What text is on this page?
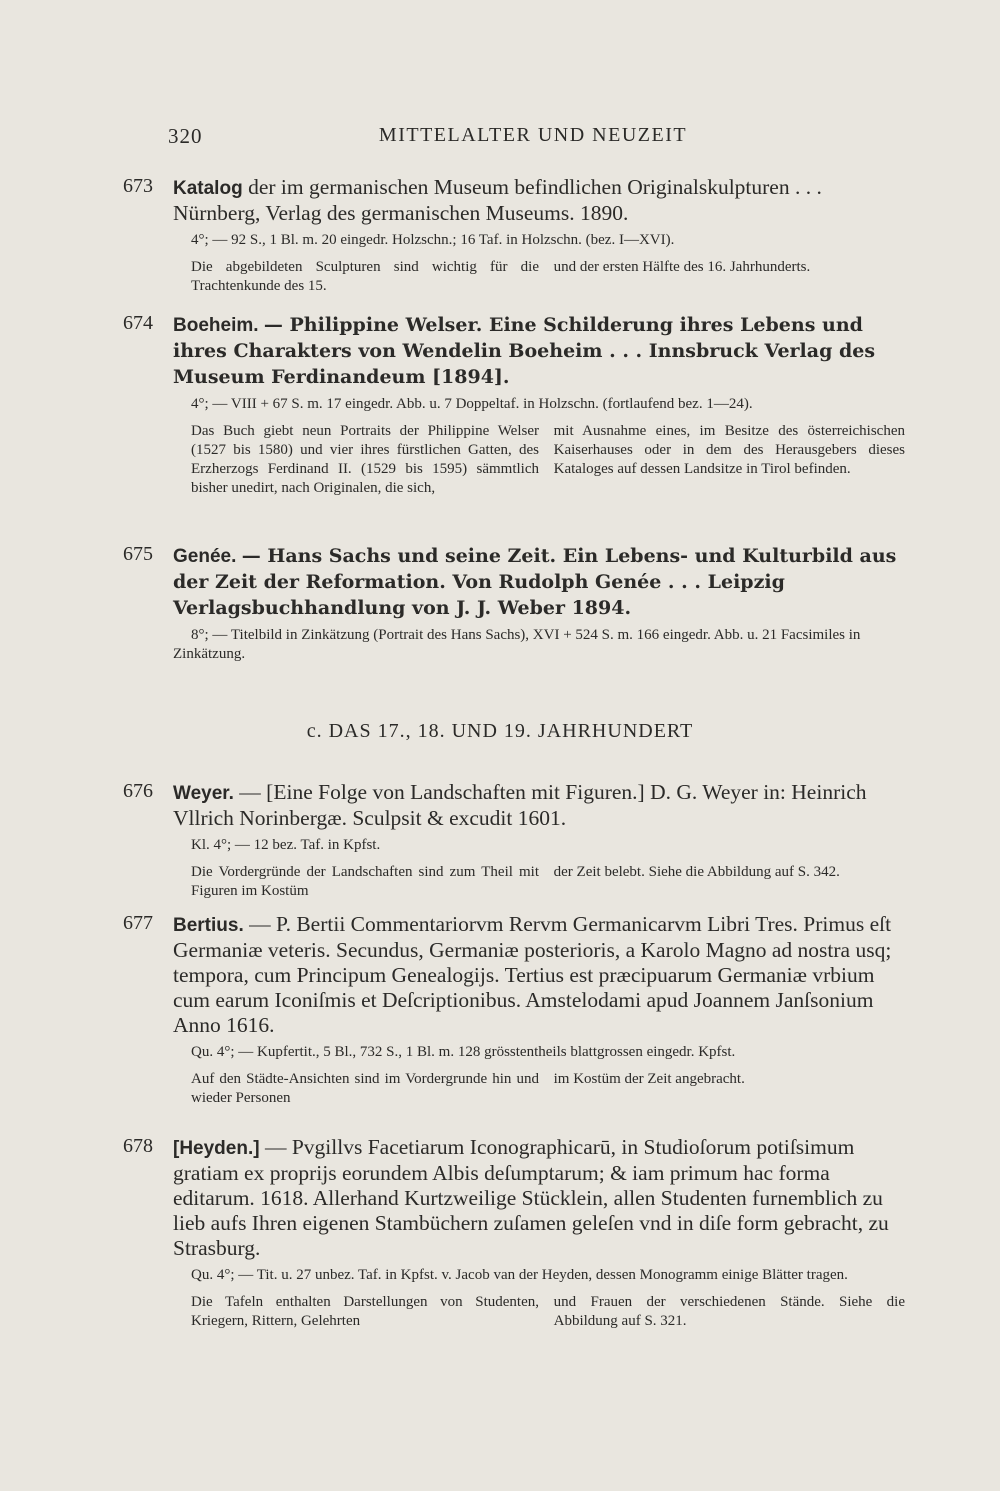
320	MITTELALTER UND NEUZEIT
673 Katalog der im germanischen Museum befindlichen Originalskulpturen . . . Nürnberg, Verlag des germanischen Museums. 1890.
4°; — 92 S., 1 Bl. m. 20 eingedr. Holzschn.; 16 Taf. in Holzschn. (bez. I—XVI).
Die abgebildeten Sculpturen sind wichtig für die Trachtenkunde des 15.
und der ersten Hälfte des 16. Jahrhunderts.
674 Boeheim. — Philippine Welser. Eine Schilderung ihres Lebens und ihres Charakters von Wendelin Boeheim . . . Innsbruck Verlag des Museum Ferdinandeum [1894].
4°; — VIII + 67 S. m. 17 eingedr. Abb. u. 7 Doppeltaf. in Holzschn. (fortlaufend bez. 1—24).
Das Buch giebt neun Portraits der Philippine Welser (1527 bis 1580) und vier ihres fürstlichen Gatten, des Erzherzogs Ferdinand II. (1529 bis 1595) sämmtlich bisher unedirt, nach Originalen, die sich,
mit Ausnahme eines, im Besitze des österreichischen Kaiserhauses oder in dem des Herausgebers dieses Kataloges auf dessen Landsitze in Tirol befinden.
675 Genée. — Hans Sachs und seine Zeit. Ein Lebens- und Kulturbild aus der Zeit der Reformation. Von Rudolph Genée . . . Leipzig Verlagsbuchhandlung von J. J. Weber 1894.
8°; — Titelbild in Zinkätzung (Portrait des Hans Sachs), XVI + 524 S. m. 166 eingedr. Abb. u. 21 Facsimiles in Zinkätzung.
c. DAS 17., 18. UND 19. JAHRHUNDERT
676 Weyer. — [Eine Folge von Landschaften mit Figuren.] D. G. Weyer in: Heinrich Vllrich Norinbergæ. Sculpsit & excudit 1601.
Kl. 4°; — 12 bez. Taf. in Kpfst.
Die Vordergründe der Landschaften sind zum Theil mit Figuren im Kostüm
der Zeit belebt. Siehe die Abbildung auf S. 342.
677 Bertius. — P. Bertii Commentariorvm Rervm Germanicarvm Libri Tres. Primus eſt Germaniæ veteris. Secundus, Germaniæ posterioris, a Karolo Magno ad nostra usq; tempora, cum Principum Genealogijs. Tertius est præcipuarum Germaniæ vrbium cum earum Iconiſmis et Deſcriptionibus. Amstelodami apud Joannem Janſsonium Anno 1616.
Qu. 4°; — Kupfertit., 5 Bl., 732 S., 1 Bl. m. 128 grösstentheils blattgrossen eingedr. Kpfst.
Auf den Städte-Ansichten sind im Vordergrunde hin und wieder Personen
im Kostüm der Zeit angebracht.
678 [Heyden.] — Pvgillvs Facetiarum Iconographicarū, in Studioſorum potiſsimum gratiam ex proprijs eorundem Albis deſumptarum; & iam primum hac forma editarum. 1618. Allerhand Kurtzweilige Stücklein, allen Studenten furnemblich zu lieb aufs Ihren eigenen Stambüchern zuſamen geleſen vnd in diſe form gebracht, zu Strasburg.
Qu. 4°; — Tit. u. 27 unbez. Taf. in Kpfst. v. Jacob van der Heyden, dessen Monogramm einige Blätter tragen.
Die Tafeln enthalten Darstellungen von Studenten, Kriegern, Rittern, Gelehrten
und Frauen der verschiedenen Stände. Siehe die Abbildung auf S. 321.
